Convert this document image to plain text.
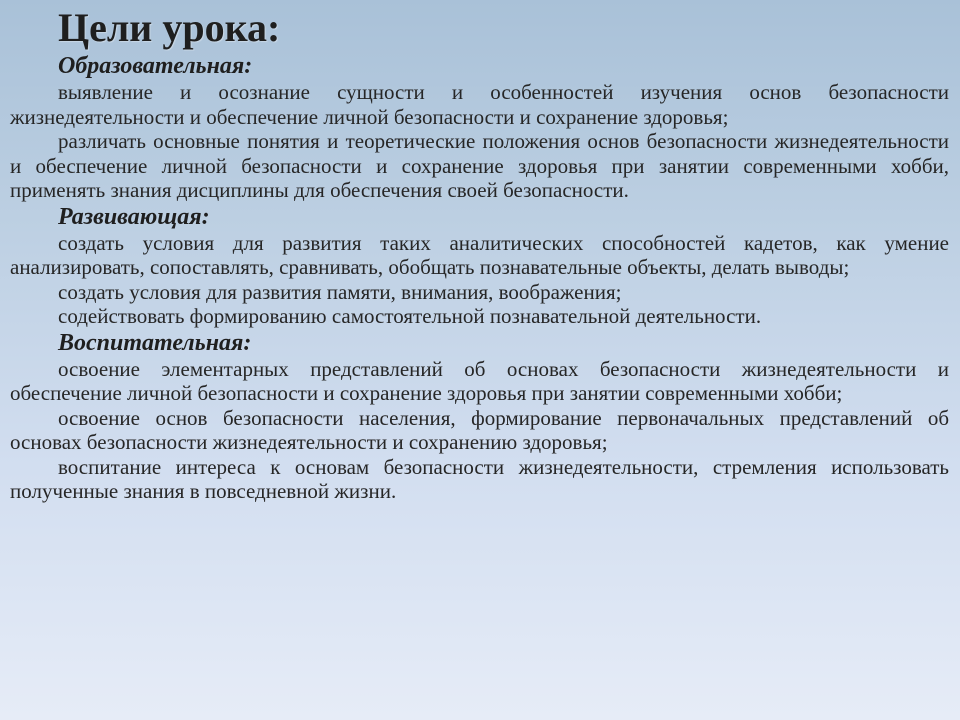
Цели урока:
Образовательная:

выявление и осознание сущности и особенностей изучения основ безопасности жизнедеятельности и обеспечение личной безопасности и сохранение здоровья;

различать основные понятия и теоретические положения основ безопасности жизнедеятельности и обеспечение личной безопасности и сохранение здоровья при занятии современными хобби, применять знания дисциплины для обеспечения своей безопасности.

Развивающая:

создать условия для развития таких аналитических способностей кадетов, как умение анализировать, сопоставлять, сравнивать, обобщать познавательные объекты, делать выводы;

создать условия для развития памяти, внимания, воображения;

содействовать формированию самостоятельной познавательной деятельности.

Воспитательная:

освоение элементарных представлений об основах безопасности жизнедеятельности и обеспечение личной безопасности и сохранение здоровья при занятии современными хобби;

освоение основ безопасности населения, формирование первоначальных представлений об основах безопасности жизнедеятельности и сохранению здоровья;

воспитание интереса к основам безопасности жизнедеятельности, стремления использовать полученные знания в повседневной жизни.
